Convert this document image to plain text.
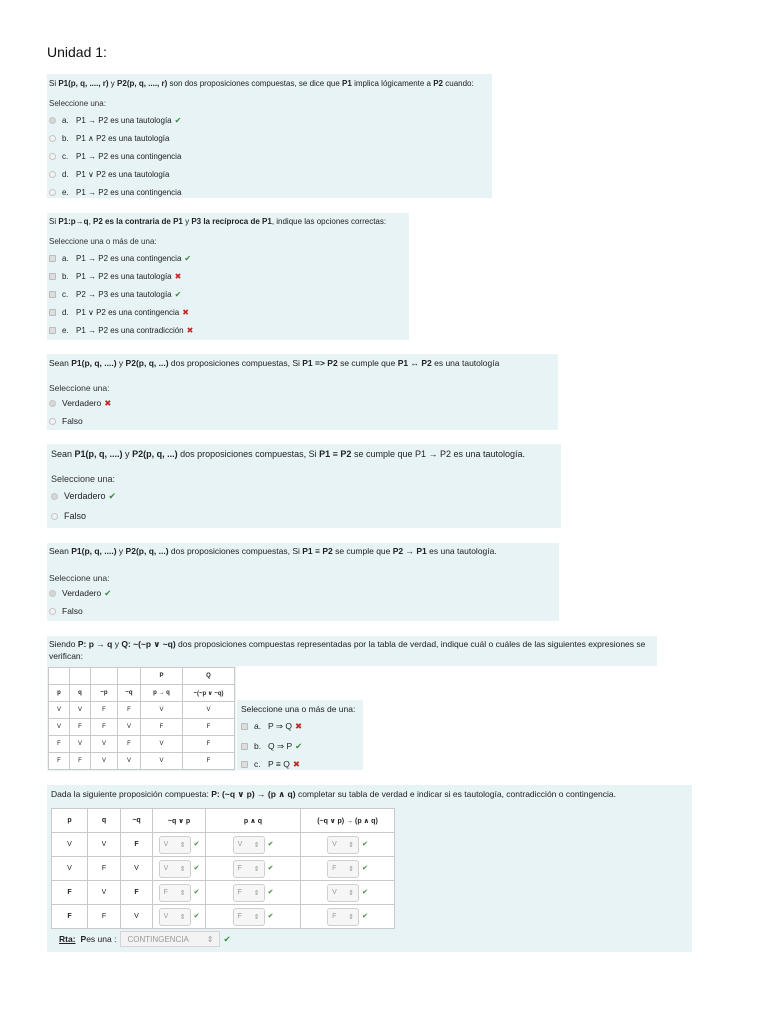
Unidad 1:
Si P1(p, q, ...., r) y P2(p, q, ...., r) son dos proposiciones compuestas, se dice que P1 implica lógicamente a P2 cuando:
Seleccione una:
a. P1 → P2 es una tautología ✔
b. P1 ∧ P2 es una tautología
c. P1 → P2 es una contingencia
d. P1 ∨ P2 es una tautología
e. P1 → P2 es una contingencia
Si P1:p→q, P2 es la contraria de P1 y P3 la recíproca de P1, indique las opciones correctas:
Seleccione una o más de una:
a. P1 → P2 es una contingencia ✔
b. P1 → P2 es una tautología ✖
c. P2 → P3 es una tautología ✔
d. P1 ∨ P2 es una contingencia ✖
e. P1 → P2 es una contradicción ✖
Sean P1(p, q, ....) y P2(p, q, ...) dos proposiciones compuestas, Si P1 => P2 se cumple que P1 ↔ P2 es una tautología
Seleccione una:
Verdadero ✖
Falso
Sean P1(p, q, ....) y P2(p, q, ...) dos proposiciones compuestas, Si P1 ≡ P2 se cumple que P1 → P2 es una tautología.
Seleccione una:
Verdadero ✔
Falso
Sean P1(p, q, ....) y P2(p, q, ...) dos proposiciones compuestas, Si P1 ≡ P2 se cumple que P2 → P1 es una tautología.
Seleccione una:
Verdadero ✔
Falso
Siendo P: p → q y Q: ~(~p ∨ ~q) dos proposiciones compuestas representadas por la tabla de verdad, indique cuál o cuáles de las siguientes expresiones se verifican:
				P	Q
p	q	~p	~q	p → q	~(~p ∨ ~q)
V	V	F	F	V	V
V	F	F	V	F	F
F	V	V	F	V	F
F	F	V	V	V	F
Seleccione una o más de una:
a. P ⇒ Q ✖
b. Q ⇒ P ✔
c. P ≡ Q ✖
Dada la siguiente proposición compuesta: P: (~q ∨ p) → (p ∧ q) completar su tabla de verdad e indicar si es tautología, contradicción o contingencia.
p	q	~q	~q ∨ p	p ∧ q	(~q ∨ p) → (p ∧ q)
V	V	F	V ⇕ ✔	V ⇕ ✔	V ⇕ ✔
V	F	V	V ⇕ ✔	F ⇕ ✔	F ⇕ ✔
F	V	F	F ⇕ ✔	F ⇕ ✔	V ⇕ ✔
F	F	V	V ⇕ ✔	F ⇕ ✔	F ⇕ ✔
Rta: P es una : CONTINGENCIA ⇕ ✔
